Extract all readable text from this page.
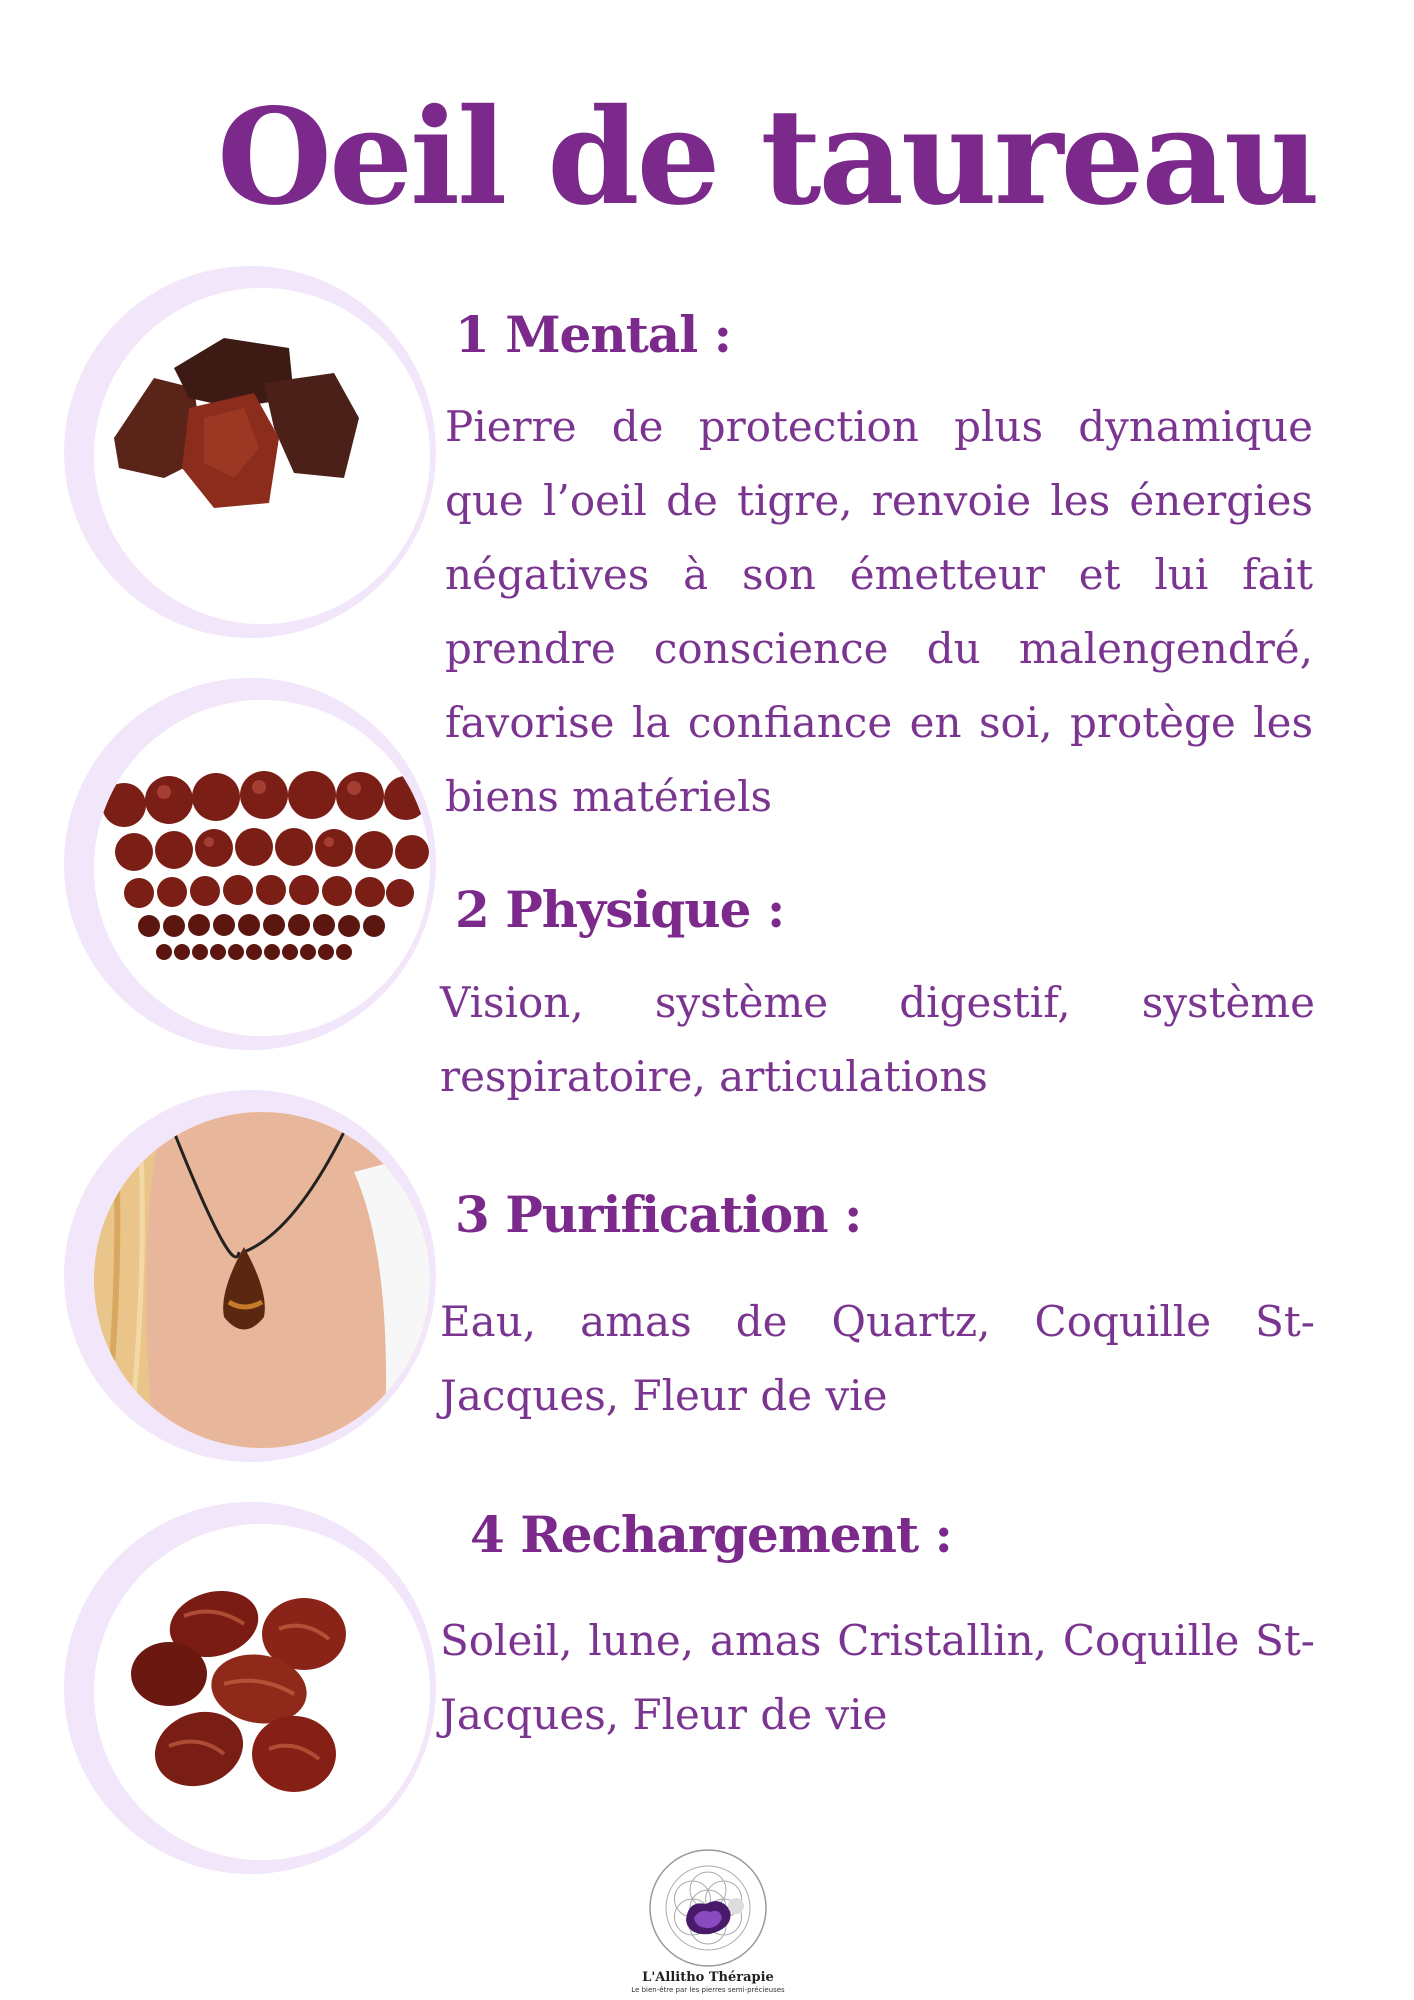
Oeil de taureau
1 Mental :
Pierre de protection plus dynamique que l’oeil de tigre, renvoie les énergies négatives à son émetteur et lui fait prendre conscience du malengendré, favorise la confiance en soi, protège les biens matériels
2 Physique :
Vision, système digestif, système respiratoire, articulations
3 Purification :
Eau, amas de Quartz, Coquille St-Jacques, Fleur de vie
4 Rechargement :
Soleil, lune, amas Cristallin, Coquille St-Jacques, Fleur de vie
L'Allitho Thérapie
Le bien-être par les pierres semi-précieuses
